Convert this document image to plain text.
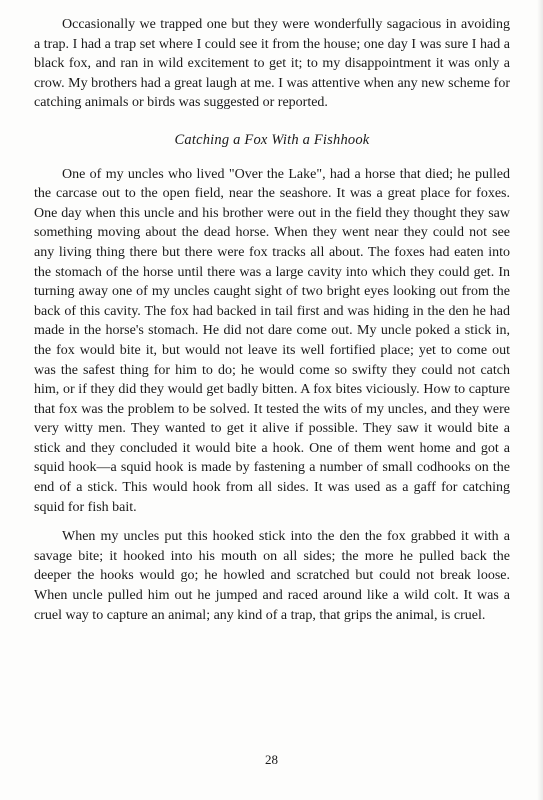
Occasionally we trapped one but they were wonderfully sagacious in avoiding a trap. I had a trap set where I could see it from the house; one day I was sure I had a black fox, and ran in wild excitement to get it; to my disappointment it was only a crow. My brothers had a great laugh at me. I was attentive when any new scheme for catching animals or birds was suggested or reported.

Catching a Fox With a Fishhook

One of my uncles who lived "Over the Lake", had a horse that died; he pulled the carcase out to the open field, near the seashore. It was a great place for foxes. One day when this uncle and his brother were out in the field they thought they saw something moving about the dead horse. When they went near they could not see any living thing there but there were fox tracks all about. The foxes had eaten into the stomach of the horse until there was a large cavity into which they could get. In turning away one of my uncles caught sight of two bright eyes looking out from the back of this cavity. The fox had backed in tail first and was hiding in the den he had made in the horse's stomach. He did not dare come out. My uncle poked a stick in, the fox would bite it, but would not leave its well fortified place; yet to come out was the safest thing for him to do; he would come so swifty they could not catch him, or if they did they would get badly bitten. A fox bites viciously. How to capture that fox was the problem to be solved. It tested the wits of my uncles, and they were very witty men. They wanted to get it alive if possible. They saw it would bite a stick and they concluded it would bite a hook. One of them went home and got a squid hook—a squid hook is made by fastening a number of small codhooks on the end of a stick. This would hook from all sides. It was used as a gaff for catching squid for fish bait.

When my uncles put this hooked stick into the den the fox grabbed it with a savage bite; it hooked into his mouth on all sides; the more he pulled back the deeper the hooks would go; he howled and scratched but could not break loose. When uncle pulled him out he jumped and raced around like a wild colt. It was a cruel way to capture an animal; any kind of a trap, that grips the animal, is cruel.

28
